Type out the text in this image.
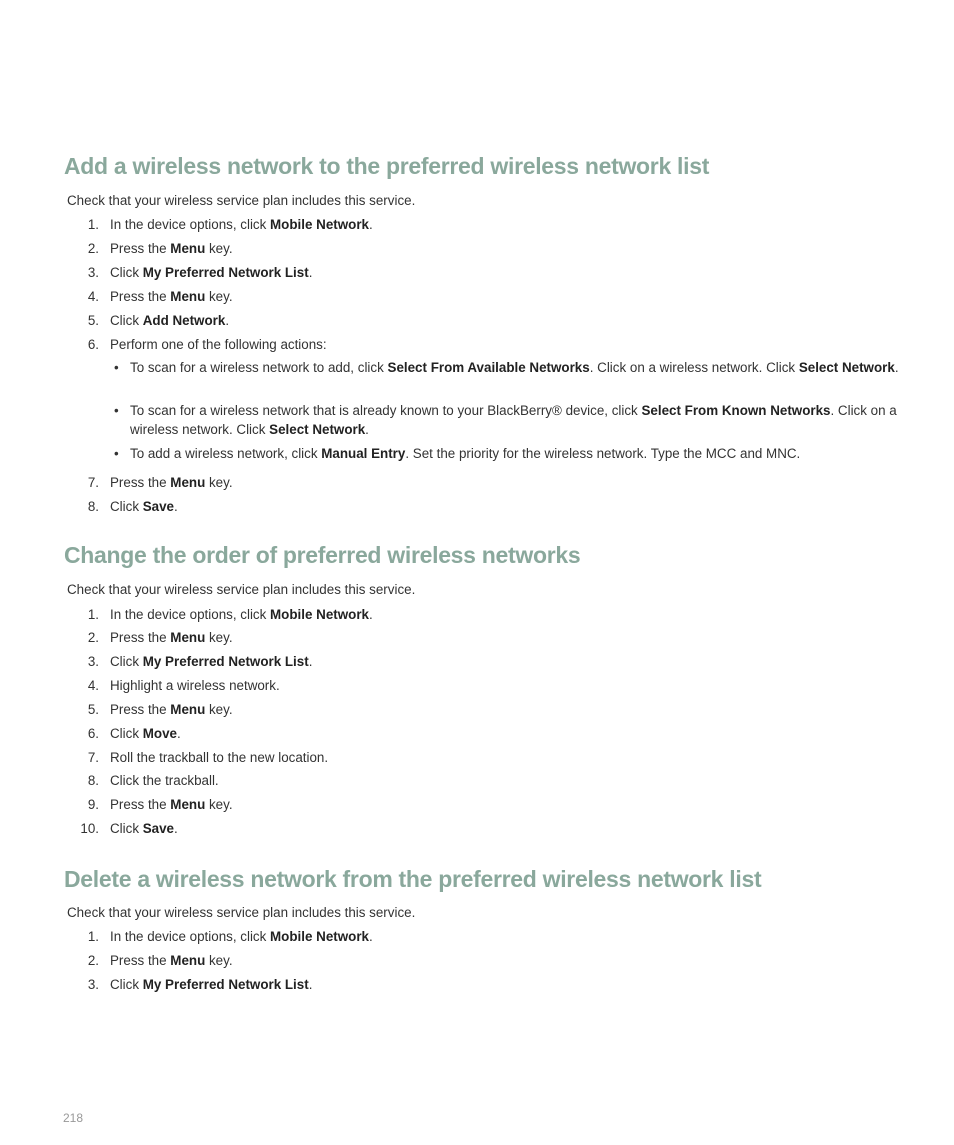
Add a wireless network to the preferred wireless network list
Check that your wireless service plan includes this service.
1. In the device options, click Mobile Network.
2. Press the Menu key.
3. Click My Preferred Network List.
4. Press the Menu key.
5. Click Add Network.
6. Perform one of the following actions:
• To scan for a wireless network to add, click Select From Available Networks. Click on a wireless network. Click Select Network.
• To scan for a wireless network that is already known to your BlackBerry® device, click Select From Known Networks. Click on a wireless network. Click Select Network.
• To add a wireless network, click Manual Entry. Set the priority for the wireless network. Type the MCC and MNC.
7. Press the Menu key.
8. Click Save.
Change the order of preferred wireless networks
Check that your wireless service plan includes this service.
1. In the device options, click Mobile Network.
2. Press the Menu key.
3. Click My Preferred Network List.
4. Highlight a wireless network.
5. Press the Menu key.
6. Click Move.
7. Roll the trackball to the new location.
8. Click the trackball.
9. Press the Menu key.
10. Click Save.
Delete a wireless network from the preferred wireless network list
Check that your wireless service plan includes this service.
1. In the device options, click Mobile Network.
2. Press the Menu key.
3. Click My Preferred Network List.
218
